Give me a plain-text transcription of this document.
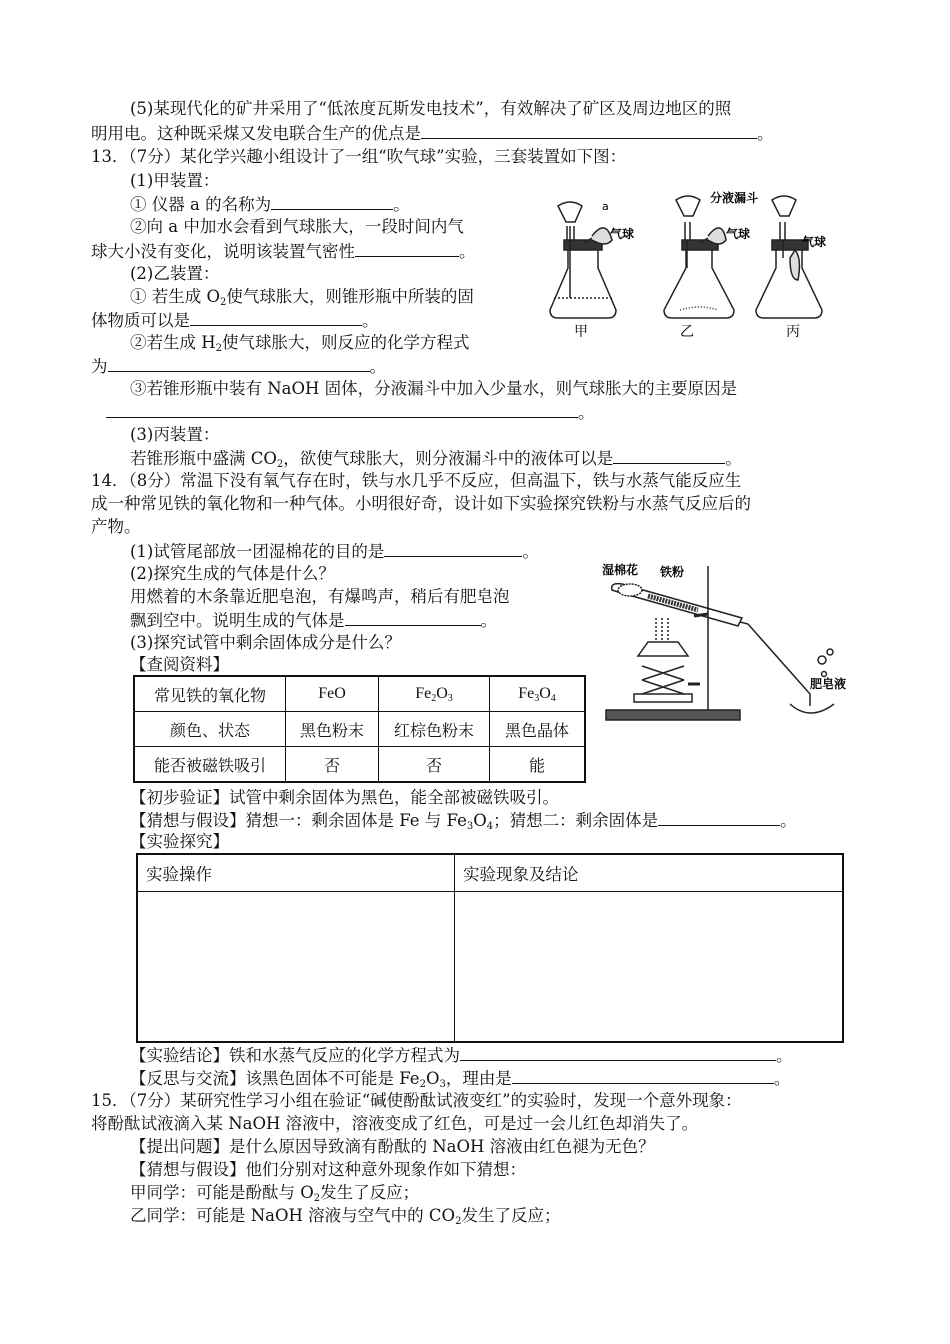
(5)某现代化的矿井采用了“低浓度瓦斯发电技术”，有效解决了矿区及周边地区的照
明用电。这种既采煤又发电联合生产的优点是	。
13．（7分）某化学兴趣小组设计了一组“吹气球”实验，三套装置如下图：
(1)甲装置：
① 仪器 a 的名称为	。
②向 a 中加水会看到气球胀大，一段时间内气
球大小没有变化，说明该装置气密性	。
(2)乙装置：
① 若生成 $O_2$使气球胀大，则锥形瓶中所装的固
体物质可以是	。
②若生成 $H_2$使气球胀大，则反应的化学方程式
为	。
③若锥形瓶中装有 NaOH 固体，分液漏斗中加入少量水，则气球胀大的主要原因是
。
(3)丙装置：
若锥形瓶中盛满 $CO_2$，欲使气球胀大，则分液漏斗中的液体可以是	。
a
气球
分液漏斗
气球
气球
甲	乙	丙
14．（8分）常温下没有氧气存在时，铁与水几乎不反应，但高温下，铁与水蒸气能反应生
成一种常见铁的氧化物和一种气体。小明很好奇，设计如下实验探究铁粉与水蒸气反应后的
产物。
(1)试管尾部放一团湿棉花的目的是	。
(2)探究生成的气体是什么？
用燃着的木条靠近肥皂泡，有爆鸣声，稍后有肥皂泡
飘到空中。说明生成的气体是	。
(3)探究试管中剩余固体成分是什么？
【查阅资料】
湿棉花 铁粉
肥皂液
常见铁的氧化物	FeO	$Fe_2O_3$	$Fe_3O_4$
颜色、状态	黑色粉末	红棕色粉末	黑色晶体
能否被磁铁吸引	否	否	能
【初步验证】试管中剩余固体为黑色，能全部被磁铁吸引。
【猜想与假设】猜想一：剩余固体是 Fe 与 $Fe_3O_4$；猜想二：剩余固体是	。
【实验探究】
实验操作	实验现象及结论

【实验结论】铁和水蒸气反应的化学方程式为	。
【反思与交流】该黑色固体不可能是 $Fe_2O_3$，理由是	。
15．（7分）某研究性学习小组在验证“碱使酚酞试液变红”的实验时，发现一个意外现象：
将酚酞试液滴入某 NaOH 溶液中，溶液变成了红色，可是过一会儿红色却消失了。
【提出问题】是什么原因导致滴有酚酞的 NaOH 溶液由红色褪为无色？
【猜想与假设】他们分别对这种意外现象作如下猜想：
甲同学：可能是酚酞与 $O_2$发生了反应；
乙同学：可能是 NaOH 溶液与空气中的 $CO_2$发生了反应；
